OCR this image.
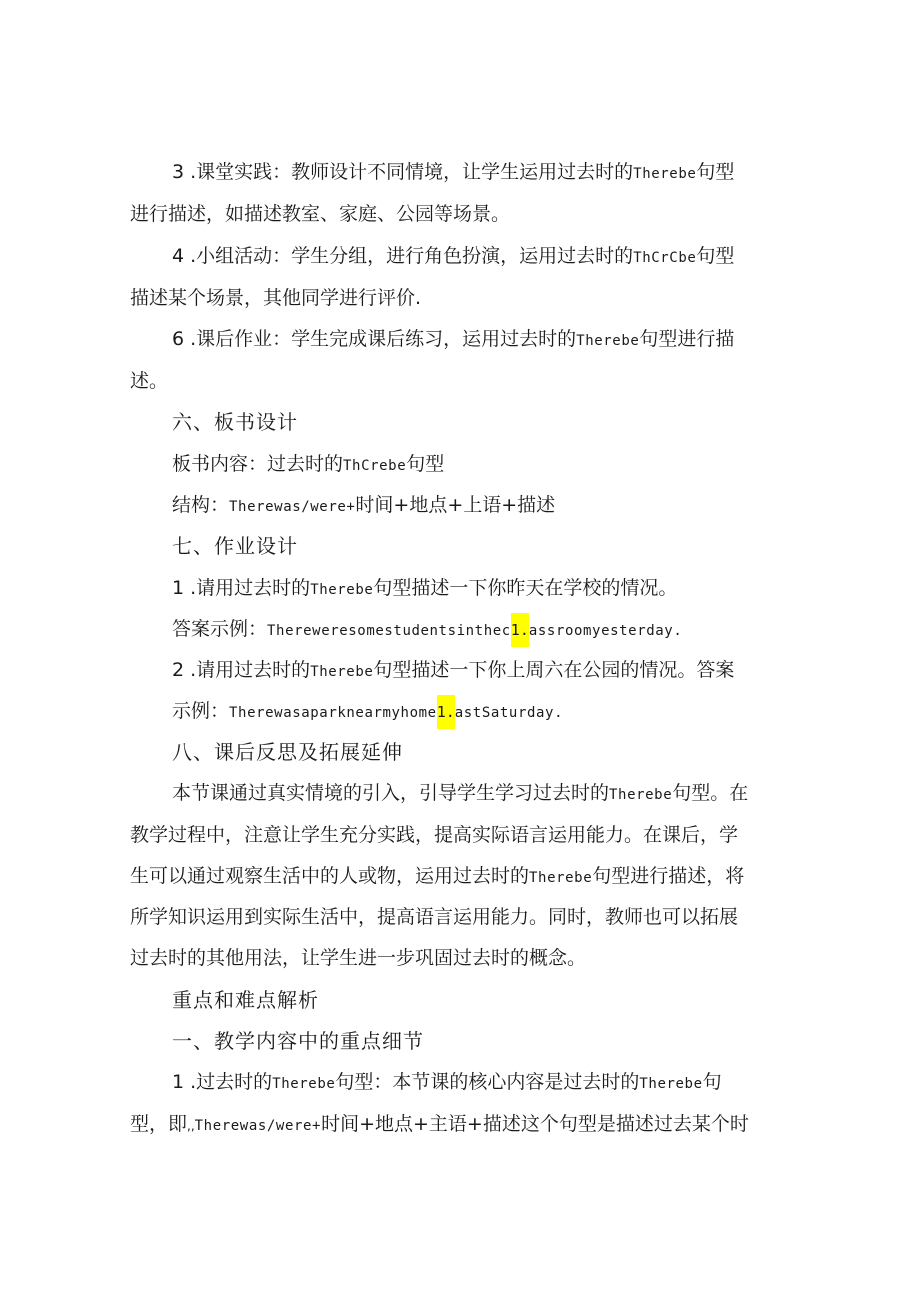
3 .课堂实践：教师设计不同情境，让学生运用过去时的Therebe句型
进行描述，如描述教室、家庭、公园等场景。
4 .小组活动：学生分组，进行角色扮演，运用过去时的ThCrCbe句型
描述某个场景，其他同学进行评价.
6 .课后作业：学生完成课后练习，运用过去时的Therebe句型进行描
述。
六、板书设计
板书内容：过去时的ThCrebe句型
结构：Therewas/were+时间+地点+上语+描述
七、作业设计
1 .请用过去时的Therebe句型描述一下你昨天在学校的情况。
答案示例：Thereweresomestudentsinthec1.assroomyesterday.
2 .请用过去时的Therebe句型描述一下你上周六在公园的情况。答案
示例：Therewasaparknearmyhome1.astSaturday.
八、课后反思及拓展延伸
本节课通过真实情境的引入，引导学生学习过去时的Therebe句型。在
教学过程中，注意让学生充分实践，提高实际语言运用能力。在课后，学
生可以通过观察生活中的人或物，运用过去时的Therebe句型进行描述，将
所学知识运用到实际生活中，提高语言运用能力。同时，教师也可以拓展
过去时的其他用法，让学生进一步巩固过去时的概念。
重点和难点解析
一、教学内容中的重点细节
1 .过去时的Therebe句型：本节课的核心内容是过去时的Therebe句
型，即,,Therewas/were+时间+地点+主语+描述这个句型是描述过去某个时
